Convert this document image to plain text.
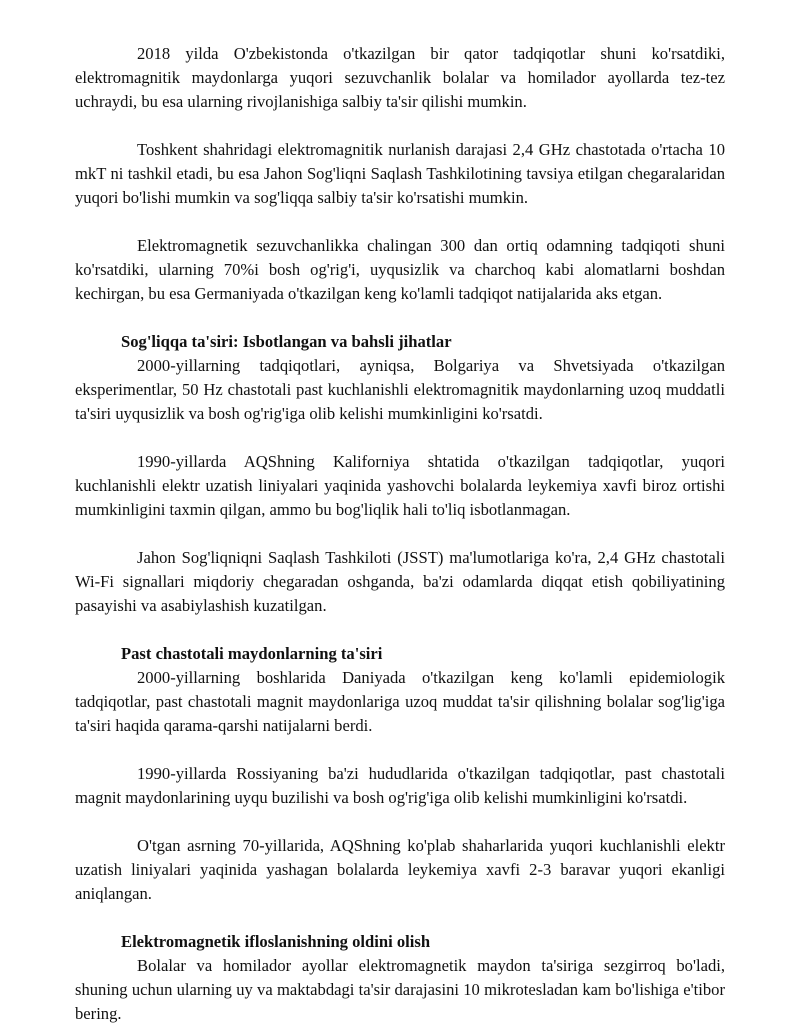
2018 yilda O'zbekistonda o'tkazilgan bir qator tadqiqotlar shuni ko'rsatdiki, elektromagnitik maydonlarga yuqori sezuvchanlik bolalar va homilador ayollarda tez-tez uchraydi, bu esa ularning rivojlanishiga salbiy ta'sir qilishi mumkin.

Toshkent shahridagi elektromagnitik nurlanish darajasi 2,4 GHz chastotada o'rtacha 10 mkT ni tashkil etadi, bu esa Jahon Sog'liqni Saqlash Tashkilotining tavsiya etilgan chegaralaridan yuqori bo'lishi mumkin va sog'liqqa salbiy ta'sir ko'rsatishi mumkin.

Elektromagnetik sezuvchanlikka chalingan 300 dan ortiq odamning tadqiqoti shuni ko'rsatdiki, ularning 70%i bosh og'rig'i, uyqusizlik va charchoq kabi alomatlarni boshdan kechirgan, bu esa Germaniyada o'tkazilgan keng ko'lamli tadqiqot natijalarida aks etgan.

Sog'liqqa ta'siri: Isbotlangan va bahsli jihatlar

2000-yillarning tadqiqotlari, ayniqsa, Bolgariya va Shvetsiyada o'tkazilgan eksperimentlar, 50 Hz chastotali past kuchlanishli elektromagnitik maydonlarning uzoq muddatli ta'siri uyqusizlik va bosh og'rig'iga olib kelishi mumkinligini ko'rsatdi.

1990-yillarda AQShning Kaliforniya shtatida o'tkazilgan tadqiqotlar, yuqori kuchlanishli elektr uzatish liniyalari yaqinida yashovchi bolalarda leykemiya xavfi biroz ortishi mumkinligini taxmin qilgan, ammo bu bog'liqlik hali to'liq isbotlanmagan.

Jahon Sog'liqniqni Saqlash Tashkiloti (JSST) ma'lumotlariga ko'ra, 2,4 GHz chastotali Wi-Fi signallari miqdoriy chegaradan oshganda, ba'zi odamlarda diqqat etish qobiliyatining pasayishi va asabiylashish kuzatilgan.

Past chastotali maydonlarning ta'siri

2000-yillarning boshlarida Daniyada o'tkazilgan keng ko'lamli epidemiologik tadqiqotlar, past chastotali magnit maydonlariga uzoq muddat ta'sir qilishning bolalar sog'lig'iga ta'siri haqida qarama-qarshi natijalarni berdi.

1990-yillarda Rossiyaning ba'zi hududlarida o'tkazilgan tadqiqotlar, past chastotali magnit maydonlarining uyqu buzilishi va bosh og'rig'iga olib kelishi mumkinligini ko'rsatdi.

O'tgan asrning 70-yillarida, AQShning ko'plab shaharlarida yuqori kuchlanishli elektr uzatish liniyalari yaqinida yashagan bolalarda leykemiya xavfi 2-3 baravar yuqori ekanligi aniqlangan.

Elektromagnetik ifloslanishning oldini olish

Bolalar va homilador ayollar elektromagnetik maydon ta'siriga sezgirroq bo'ladi, shuning uchun ularning uy va maktabdagi ta'sir darajasini 10 mikrotesladan kam bo'lishiga e'tibor bering.
